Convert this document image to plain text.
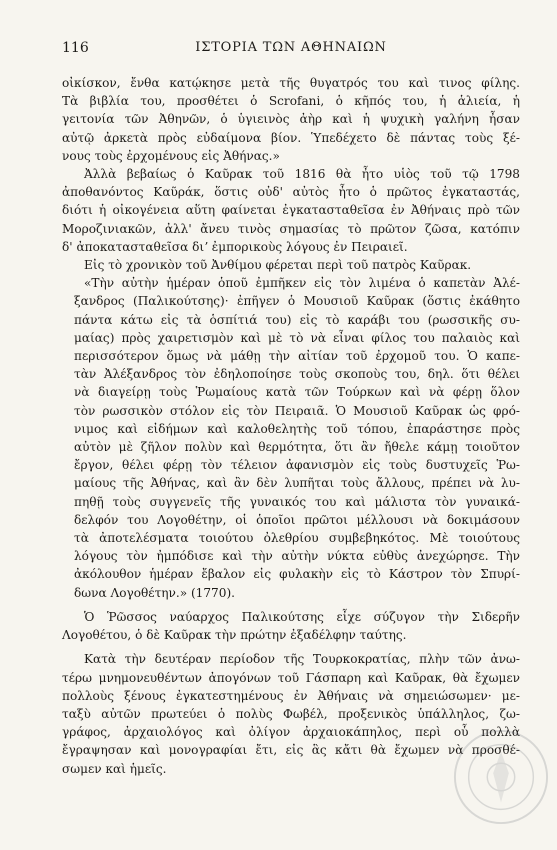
116	ΙΣΤΟΡΙΑ ΤΩΝ ΑΘΗΝΑΙΩΝ
οἰκίσκον, ἔνθα κατῴκησε μετὰ τῆς θυγατρός του καὶ τινος φίλης.
Τὰ βιβλία του, προσθέτει ὁ Scrofani, ὁ κῆπός του, ἡ ἁλιεία, ἡ
γειτονία τῶν Ἀθηνῶν, ὁ ὑγιεινὸς ἀὴρ καὶ ἡ ψυχικὴ γαλήνη ἦσαν
αὐτῷ ἀρκετὰ πρὸς εὐδαίμονα βίον. Ὑπεδέχετο δὲ πάντας τοὺς ξέ-
νους τοὺς ἐρχομένους εἰς Ἀθήνας.»
Ἀλλὰ βεβαίως ὁ Καῦρακ τοῦ 1816 θὰ ἦτο υἱὸς τοῦ τῷ 1798
ἀποθανόντος Καῦράκ, ὅστις οὐδ' αὐτὸς ἦτο ὁ πρῶτος ἐγκαταστάς,
διότι ἡ οἰκογένεια αὕτη φαίνεται ἐγκατασταθεῖσα ἐν Ἀθήναις πρὸ τῶν
Μοροζινιακῶν, ἀλλ' ἄνευ τινὸς σημασίας τὸ πρῶτον ζῶσα, κατόπιν
δ' ἀποκατασταθεῖσα διʼ ἐμπορικοὺς λόγους ἐν Πειραιεῖ.
Εἰς τὸ χρονικὸν τοῦ Ἀνθίμου φέρεται περὶ τοῦ πατρὸς Καῦρακ.
«Τὴν αὐτὴν ἡμέραν ὁποῦ ἐμπῆκεν εἰς τὸν λιμένα ὁ καπετὰν Ἀλέ-
ξανδρος (Παλικούτσης)· ἐπῆγεν ὁ Μουσιοῦ Καῦρακ (ὅστις ἐκάθητο
πάντα κάτω εἰς τὰ ὁσπίτιά του) εἰς τὸ καράβι του (ρωσσικῆς συ-
μαίας) πρὸς χαιρετισμὸν καὶ μὲ τὸ νὰ εἶναι φίλος του παλαιὸς καὶ
περισσότερον ὅμως νὰ μάθῃ τὴν αἰτίαν τοῦ ἐρχομοῦ του. Ὁ καπε-
τὰν Ἀλέξανδρος τὸν ἐδηλοποίησε τοὺς σκοποὺς του, δηλ. ὅτι θέλει
νὰ διαγείρῃ τοὺς Ῥωμαίους κατὰ τῶν Τούρκων καὶ νὰ φέρῃ ὅλον
τὸν ρωσσικὸν στόλον εἰς τὸν Πειραιᾶ. Ὁ Μουσιοῦ Καῦρακ ὡς φρό-
νιμος καὶ εἰδήμων καὶ καλοθελητὴς τοῦ τόπου, ἐπαράστησε πρὸς
αὐτὸν μὲ ζῆλον πολὺν καὶ θερμότητα, ὅτι ἂν ἤθελε κάμῃ τοιοῦτον
ἔργον, θέλει φέρῃ τὸν τέλειον ἀφανισμὸν εἰς τοὺς δυστυχεῖς Ῥω-
μαίους τῆς Ἀθήνας, καὶ ἂν δὲν λυπῆται τοὺς ἄλλους, πρέπει νὰ λυ-
πηθῇ τοὺς συγγενεῖς τῆς γυναικός του καὶ μάλιστα τὸν γυναικά-
δελφόν του Λογοθέτην, οἱ ὁποῖοι πρῶτοι μέλλουσι νὰ δοκιμάσουν
τὰ ἀποτελέσματα τοιούτου ὀλεθρίου συμβεβηκότος. Μὲ τοιούτους
λόγους τὸν ἠμπόδισε καὶ τὴν αὐτὴν νύκτα εὐθὺς ἀνεχώρησε. Τὴν
ἀκόλουθον ἡμέραν ἔβαλον εἰς φυλακὴν εἰς τὸ Κάστρον τὸν Σπυρί-
δωνα Λογοθέτην.» (1770).
Ὁ Ῥῶσσος ναύαρχος Παλικούτσης εἶχε σύζυγον τὴν Σιδερῆν
Λογοθέτου, ὁ δὲ Καῦρακ τὴν πρώτην ἐξαδέλφην ταύτης.
Κατὰ τὴν δευτέραν περίοδον τῆς Τουρκοκρατίας, πλὴν τῶν ἀνω-
τέρω μνημονευθέντων ἀπογόνων τοῦ Γάσπαρη καὶ Καῦρακ, θὰ ἔχωμεν
πολλοὺς ξένους ἐγκατεστημένους ἐν Ἀθήναις νὰ σημειώσωμεν· με-
ταξὺ αὐτῶν πρωτεύει ὁ πολὺς Φωβέλ, προξενικὸς ὑπάλληλος, ζω-
γράφος, ἀρχαιολόγος καὶ ὀλίγον ἀρχαιοκάπηλος, περὶ οὗ πολλὰ
ἔγραψησαν καὶ μονογραφίαι ἔτι, εἰς ἃς κἄτι θὰ ἔχωμεν νὰ προσθέ-
σωμεν καὶ ἡμεῖς.
